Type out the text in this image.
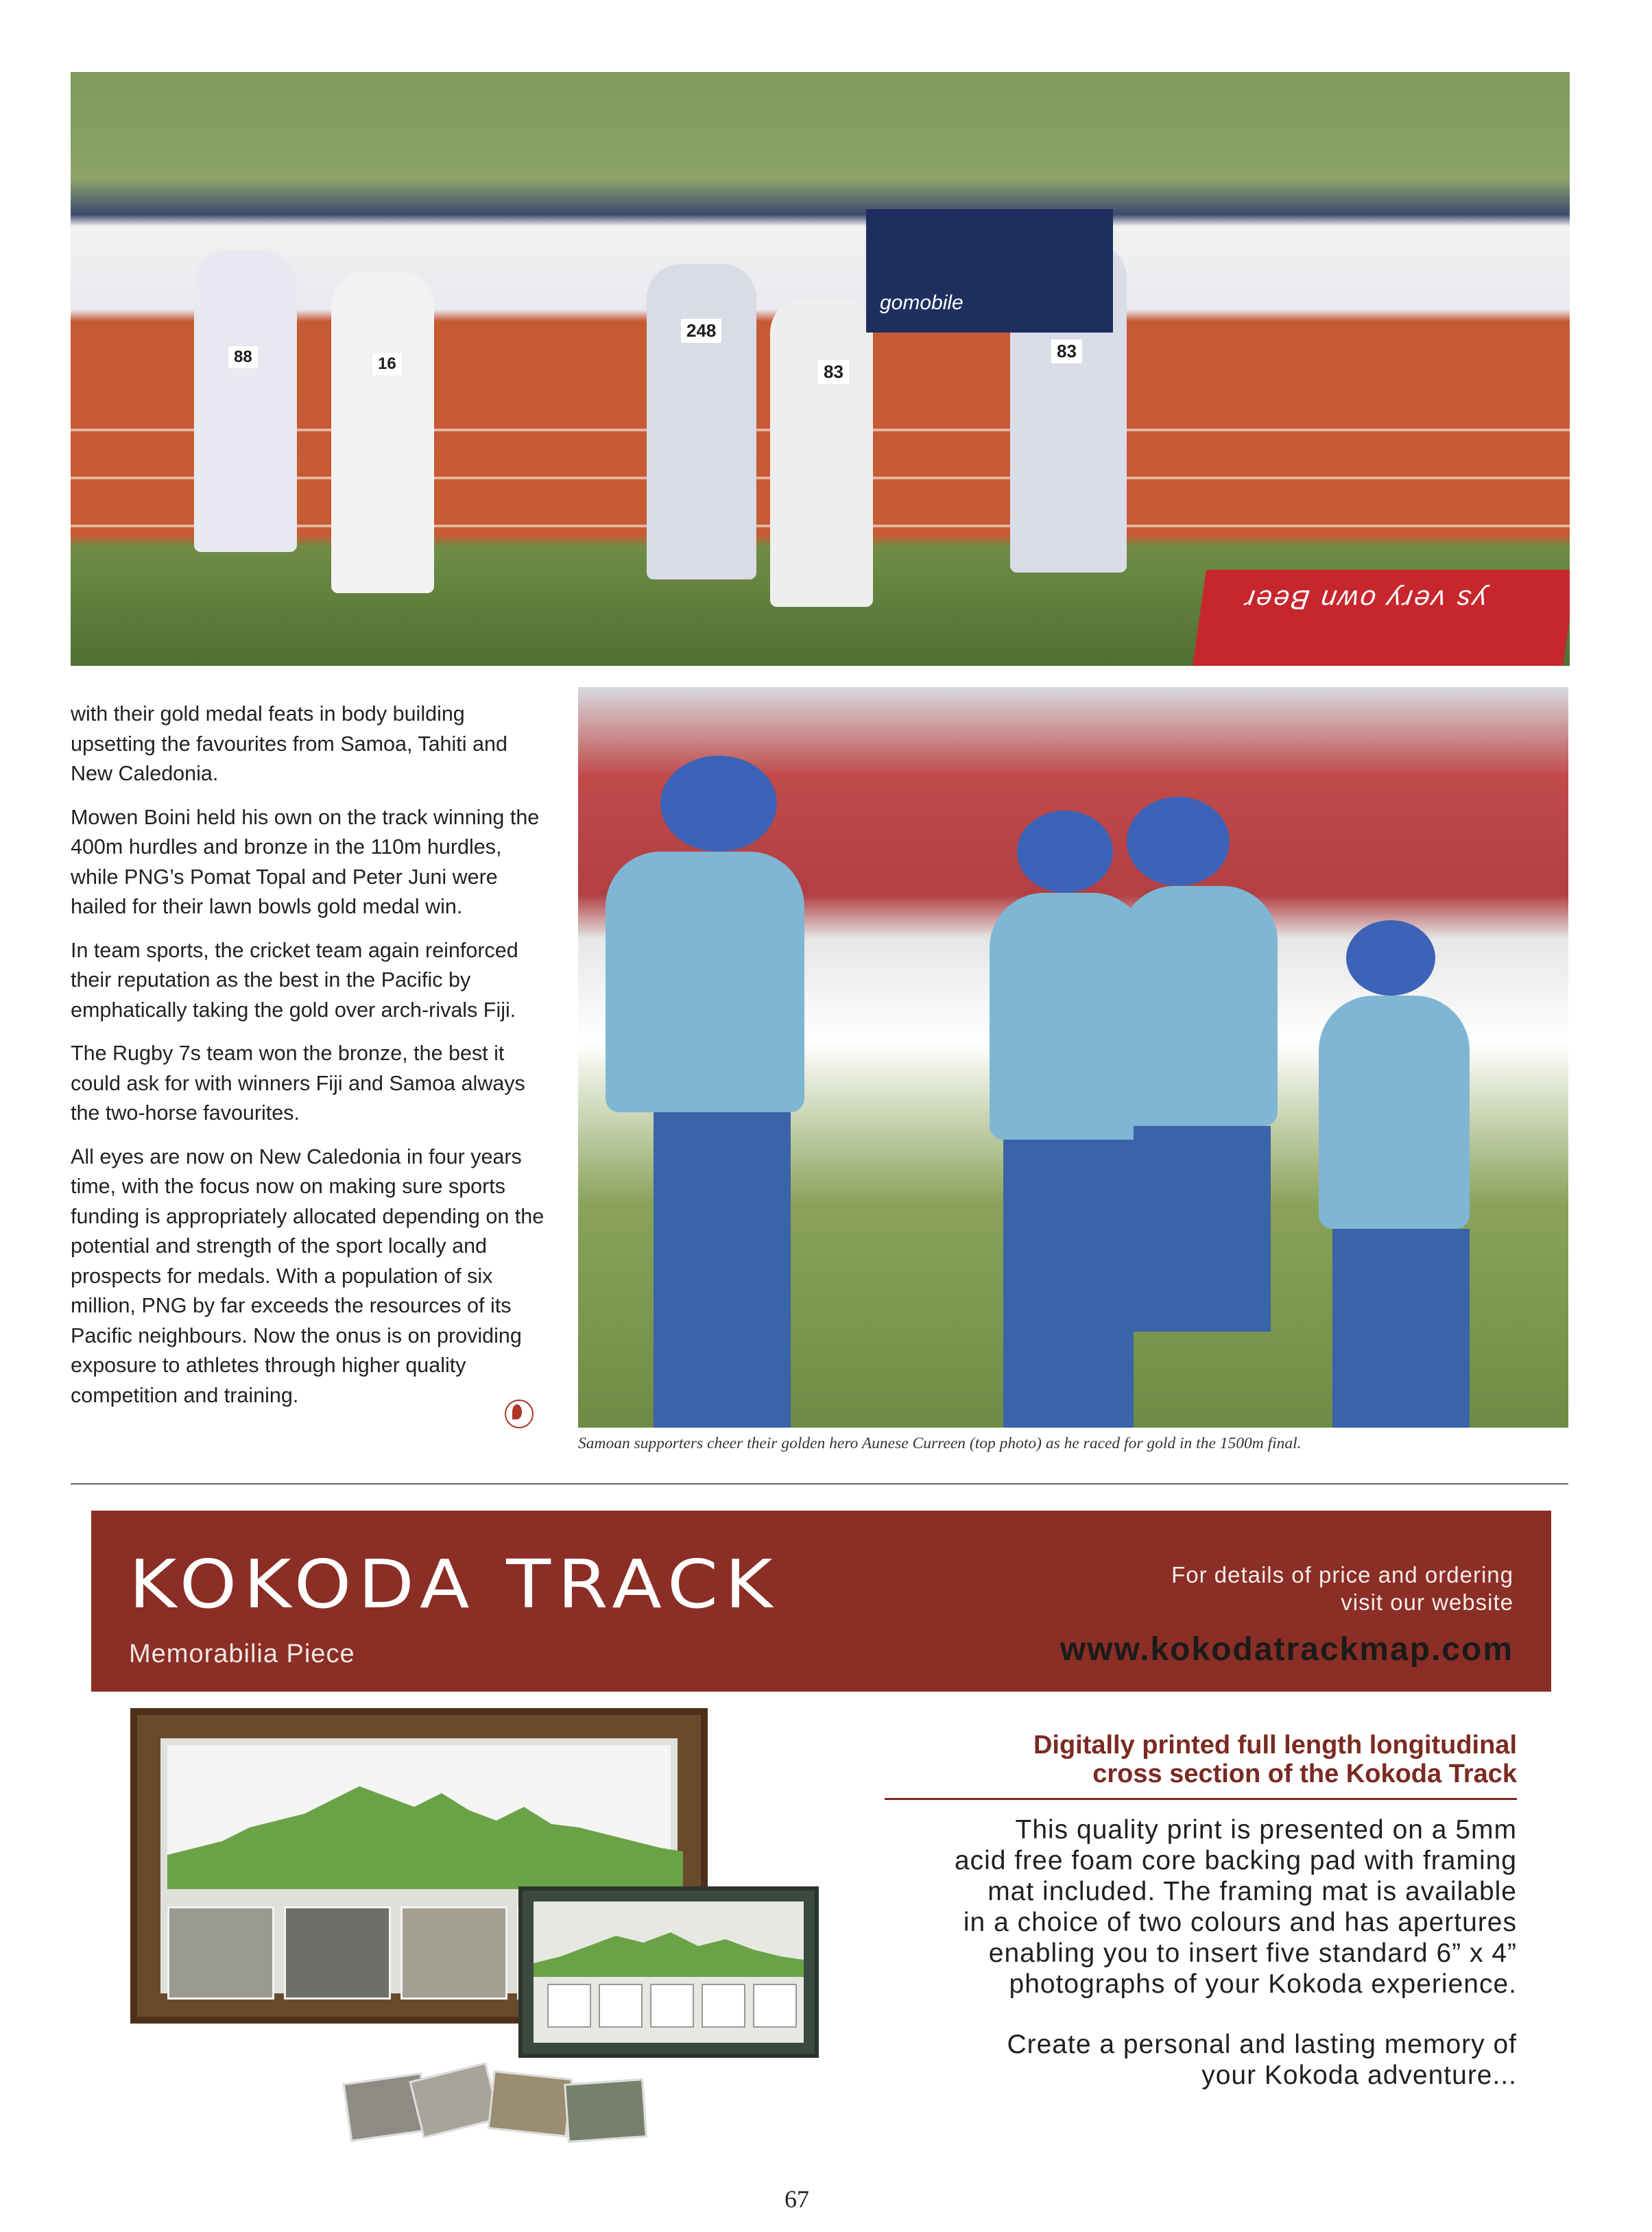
gomobile
88	16
248
83
83
ys very own Beer

with their gold medal feats in body building upsetting the favourites from Samoa, Tahiti and New Caledonia.

Mowen Boini held his own on the track winning the 400m hurdles and bronze in the 110m hurdles, while PNG’s Pomat Topal and Peter Juni were hailed for their lawn bowls gold medal win.

In team sports, the cricket team again reinforced their reputation as the best in the Pacific by emphatically taking the gold over arch-rivals Fiji.

The Rugby 7s team won the bronze, the best it could ask for with winners Fiji and Samoa always the two-horse favourites.

All eyes are now on New Caledonia in four years time, with the focus now on making sure sports funding is appropriately allocated depending on the potential and strength of the sport locally and prospects for medals. With a population of six million, PNG by far exceeds the resources of its Pacific neighbours. Now the onus is on providing exposure to athletes through higher quality competition and training.

Samoan supporters cheer their golden hero Aunese Curreen (top photo) as he raced for gold in the 1500m final.
KOKODA TRACK
Memorabilia Piece
For details of price and ordering
visit our website
www.kokodatrackmap.com
Digitally printed full length longitudinal
cross section of the Kokoda Track

This quality print is presented on a 5mm
acid free foam core backing pad with framing
mat included. The framing mat is available
in a choice of two colours and has apertures
enabling you to insert five standard 6” x 4”
photographs of your Kokoda experience.

Create a personal and lasting memory of
your Kokoda adventure...

67
